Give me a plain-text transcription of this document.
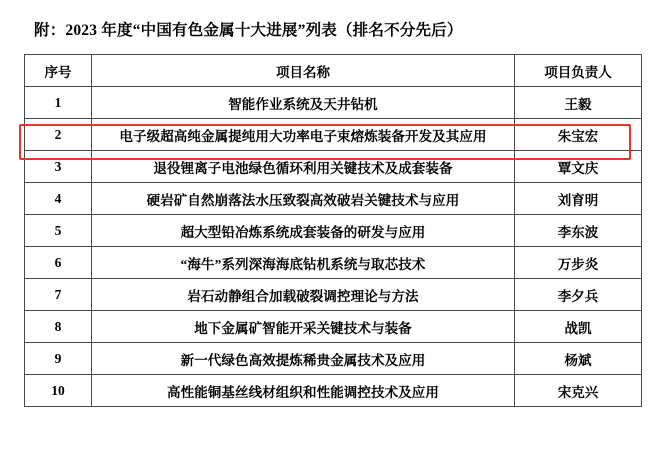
附：2023 年度“中国有色金属十大进展”列表（排名不分先后）
序号	项目名称	项目负责人
1	智能作业系统及天井钻机	王毅
2	电子级超高纯金属提纯用大功率电子束熔炼装备开发及其应用	朱宝宏
3	退役锂离子电池绿色循环利用关键技术及成套装备	覃文庆
4	硬岩矿自然崩落法水压致裂高效破岩关键技术与应用	刘育明
5	超大型铅冶炼系统成套装备的研发与应用	李东波
6	“海牛”系列深海海底钻机系统与取芯技术	万步炎
7	岩石动静组合加载破裂调控理论与方法	李夕兵
8	地下金属矿智能开采关键技术与装备	战凯
9	新一代绿色高效提炼稀贵金属技术及应用	杨斌
10	高性能铜基丝线材组织和性能调控技术及应用	宋克兴
